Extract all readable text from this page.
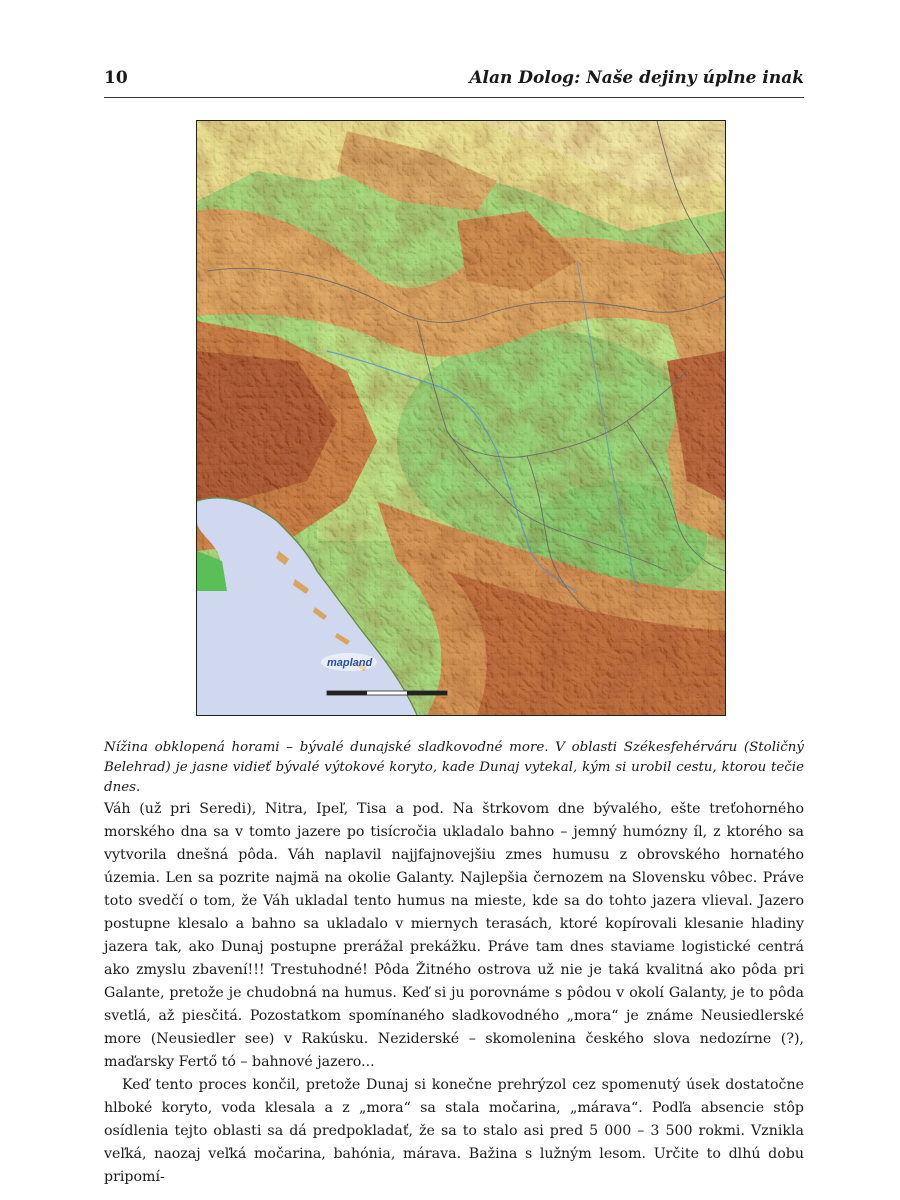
10	Alan Dolog: Naše dejiny úplne inak
mapland
Nížina obklopená horami – bývalé dunajské sladkovodné more. V oblasti Székesfehérváru (Stoličný Belehrad) je jasne vidieť bývalé výtokové koryto, kade Dunaj vytekal, kým si urobil cestu, ktorou tečie dnes.

Váh (už pri Seredi), Nitra, Ipeľ, Tisa a pod. Na štrkovom dne bývalého, ešte treťohorného morského dna sa v tomto jazere po tisícročia ukladalo bahno – jemný humózny íl, z ktorého sa vytvorila dnešná pôda. Váh naplavil najjfajnovejšiu zmes humusu z obrovského hornatého územia. Len sa pozrite najmä na okolie Galanty. Najlepšia černozem na Slovensku vôbec. Práve toto svedčí o tom, že Váh ukladal tento humus na mieste, kde sa do tohto jazera vlieval. Jazero postupne klesalo a bahno sa ukladalo v miernych terasách, ktoré kopírovali klesanie hladiny jazera tak, ako Dunaj postupne prerážal prekážku. Práve tam dnes staviame logistické centrá ako zmyslu zbavení!!! Trestuhodné! Pôda Žitného ostrova už nie je taká kvalitná ako pôda pri Galante, pretože je chudobná na humus. Keď si ju porovnáme s pôdou v okolí Galanty, je to pôda svetlá, až piesčitá. Pozostatkom spomínaného sladkovodného „mora“ je známe Neusiedlerské more (Neusiedler see) v Rakúsku. Neziderské – skomolenina českého slova nedozírne (?), maďarsky Fertő tó – bahnové jazero...

Keď tento proces končil, pretože Dunaj si konečne prehrýzol cez spomenutý úsek dostatočne hlboké koryto, voda klesala a z „mora“ sa stala močarina, „márava“. Podľa absencie stôp osídlenia tejto oblasti sa dá predpokladať, že sa to stalo asi pred 5 000 – 3 500 rokmi. Vznikla veľká, naozaj veľká močarina, bahónia, márava. Bažina s lužným lesom. Určite to dlhú dobu pripomí-
